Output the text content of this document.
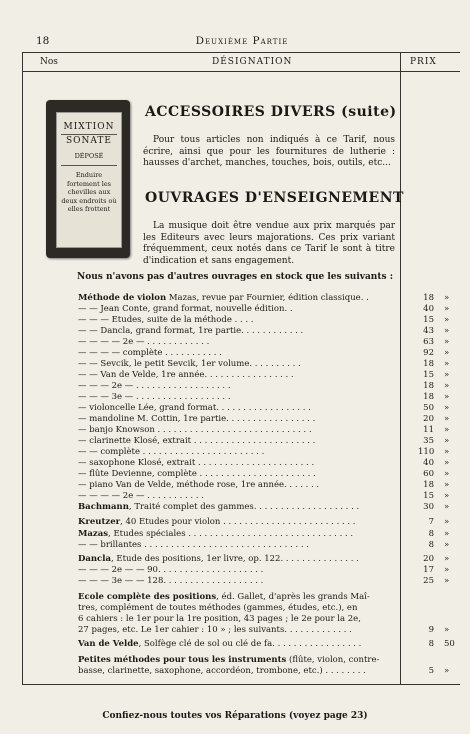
18	Deuxième Partie
Nos	DÉSIGNATION	PRIX
MIXTION
SONATE
DÉPOSÉ
Enduire fortement les chevilles aux deux endroits où elles frottent
ACCESSOIRES DIVERS (suite)
Pour tous articles non indiqués à ce Tarif, nous écrire, ainsi que pour les fournitures de lutherie : hausses d'archet, manches, touches, bois, outils, etc...
OUVRAGES D'ENSEIGNEMENT
La musique doit être vendue aux prix marqués par les Editeurs avec leurs majorations. Ces prix variant fréquemment, ceux notés dans ce Tarif le sont à titre d'indication et sans engagement.
Nous n'avons pas d'autres ouvrages en stock que les suivants :
Méthode de violon Mazas, revue par Fournier, édition classique. .	18 »
— — Jean Conte, grand format, nouvelle édition. .	40 »
— — — Etudes, suite de la méthode . . . .	15 »
— — Dancla, grand format, 1re partie. . . . . . . . . . . .	43 »
— — — — 2e — . . . . . . . . . . . .	63 »
— — — — complète . . . . . . . . . . .	92 »
— — Sevcik, le petit Sevcik, 1er volume. . . . . . . . . .	18 »
— — Van de Velde, 1re année. . . . . . . . . . . . . . . . .	15 »
— — — 2e — . . . . . . . . . . . . . . . . . .	18 »
— — — 3e — . . . . . . . . . . . . . . . . . .	18 »
— violoncelle Lée, grand format. . . . . . . . . . . . . . . . . .	50 »
— mandoline M. Cottin, 1re partie. . . . . . . . . . . . . . . . .	20 »
— banjo Knowson . . . . . . . . . . . . . . . . . . . . . . . . . . . . .	11 »
— clarinette Klosé, extrait . . . . . . . . . . . . . . . . . . . . . . .	35 »
— — complète . . . . . . . . . . . . . . . . . . . . . . .	110 »
— saxophone Klosé, extrait . . . . . . . . . . . . . . . . . . . . . .	40 »
— flûte Devienne, complète . . . . . . . . . . . . . . . . . . . . . .	60 »
— piano Van de Velde, méthode rose, 1re année. . . . . . .	18 »
— — — — 2e — . . . . . . . . . . .	15 »
Bachmann, Traité complet des gammes. . . . . . . . . . . . . . . . . . . .	30 »
Kreutzer, 40 Etudes pour violon . . . . . . . . . . . . . . . . . . . . . . . . .	7 »
Mazas, Etudes spéciales . . . . . . . . . . . . . . . . . . . . . . . . . . . . . . .	8 »
— — brillantes . . . . . . . . . . . . . . . . . . . . . . . . . . . . . . .	8 »
Dancla, Etude des positions, 1er livre, op. 122. . . . . . . . . . . . . . .	20 »
— — — 2e — — 90. . . . . . . . . . . . . . . . . . . .	17 »
— — — 3e — — 128. . . . . . . . . . . . . . . . . . .	25 »
Ecole complète des positions, éd. Gallet, d'après les grands Maî-
tres, complément de toutes méthodes (gammes, études, etc.), en
6 cahiers : le 1er pour la 1re position, 43 pages ; le 2e pour la 2e,
27 pages, etc. Le 1er cahier : 10 » ; les suivants. . . . . . . . . . . . .	9 »
Van de Velde, Solfège clé de sol ou clé de fa. . . . . . . . . . . . . . . . .	8 50
Petites méthodes pour tous les instruments (flûte, violon, contre-
basse, clarinette, saxophone, accordéon, trombone, etc.) . . . . . . . .	5 »
Confiez-nous toutes vos Réparations (voyez page 23)
